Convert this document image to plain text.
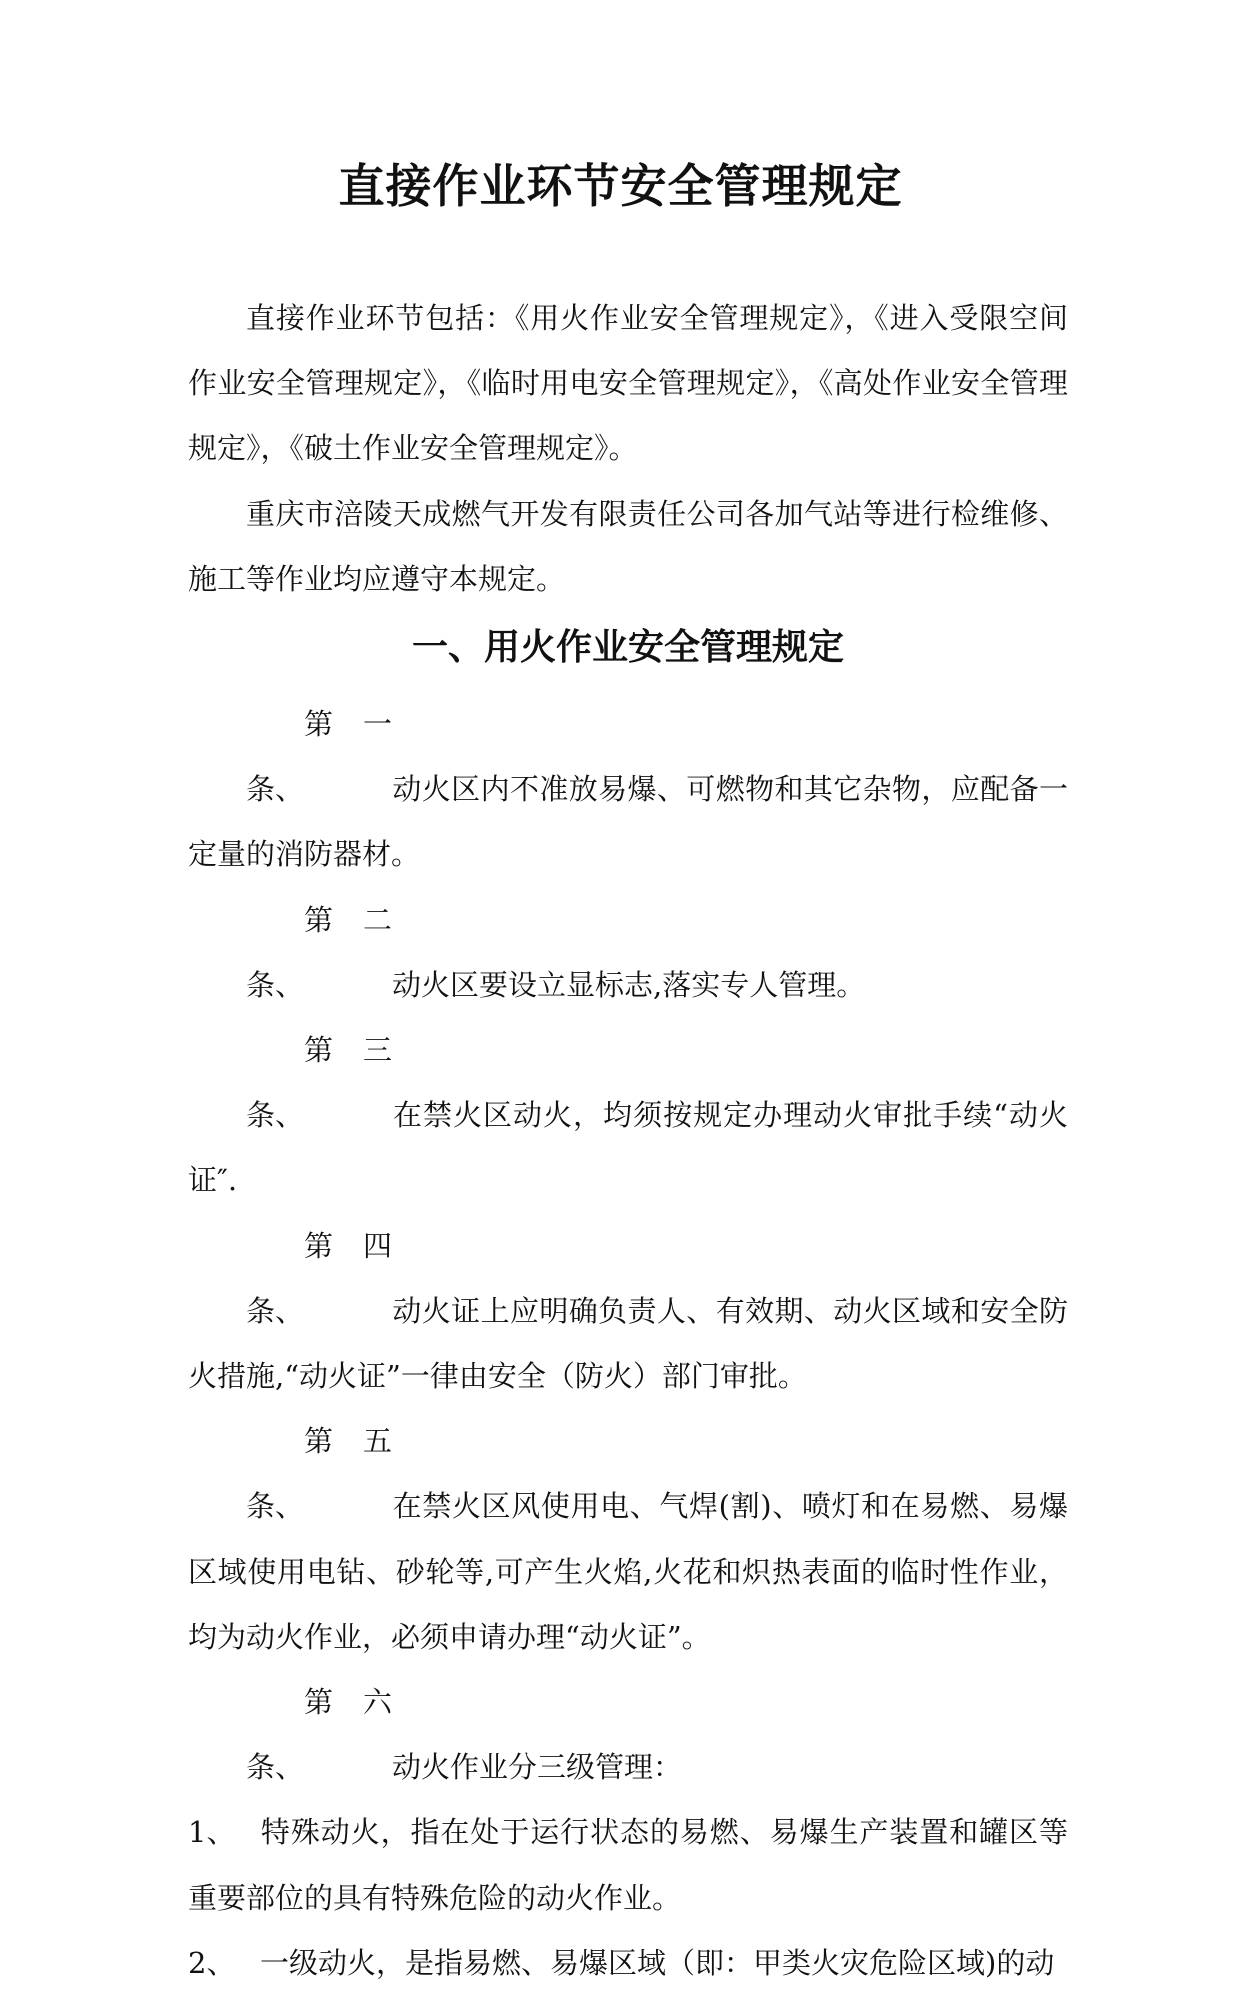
直接作业环节安全管理规定

直接作业环节包括：《用火作业安全管理规定》，《进入受限空间作业安全管理规定》，《临时用电安全管理规定》，《高处作业安全管理规定》，《破土作业安全管理规定》。

重庆市涪陵天成燃气开发有限责任公司各加气站等进行检维修、施工等作业均应遵守本规定。

一、用火作业安全管理规定

第一条、	动火区内不准放易爆、可燃物和其它杂物，应配备一定量的消防器材。

第二条、	动火区要设立显标志,落实专人管理。

第三条、	在禁火区动火，均须按规定办理动火审批手续“动火证″.

第四条、	动火证上应明确负责人、有效期、动火区域和安全防火措施,“动火证”一律由安全（防火）部门审批。

第五条、	在禁火区风使用电、气焊(割)、喷灯和在易燃、易爆区域使用电钻、砂轮等,可产生火焰,火花和炽热表面的临时性作业，均为动火作业，必须申请办理“动火证”。

第六条、	动火作业分三级管理：

1、 特殊动火，指在处于运行状态的易燃、易爆生产装置和罐区等重要部位的具有特殊危险的动火作业。

2、 一级动火，是指易燃、易爆区域（即：甲类火灾危险区域)的动
